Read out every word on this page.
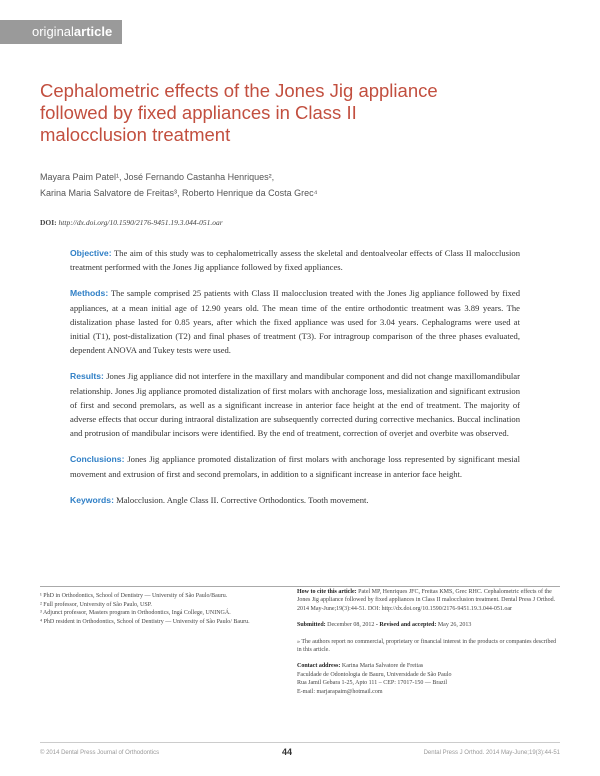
originalarticle
Cephalometric effects of the Jones Jig appliance followed by fixed appliances in Class II malocclusion treatment
Mayara Paim Patel¹, José Fernando Castanha Henriques²,
Karina Maria Salvatore de Freitas³, Roberto Henrique da Costa Grec⁴
DOI: http://dx.doi.org/10.1590/2176-9451.19.3.044-051.oar

Objective: The aim of this study was to cephalometrically assess the skeletal and dentoalveolar effects of Class II malocclusion treatment performed with the Jones Jig appliance followed by fixed appliances.

Methods: The sample comprised 25 patients with Class II malocclusion treated with the Jones Jig appliance followed by fixed appliances, at a mean initial age of 12.90 years old. The mean time of the entire orthodontic treatment was 3.89 years. The distalization phase lasted for 0.85 years, after which the fixed appliance was used for 3.04 years. Cephalograms were used at initial (T1), post-distalization (T2) and final phases of treatment (T3). For intragroup comparison of the three phases evaluated, dependent ANOVA and Tukey tests were used.

Results: Jones Jig appliance did not interfere in the maxillary and mandibular component and did not change maxillomandibular relationship. Jones Jig appliance promoted distalization of first molars with anchorage loss, mesialization and significant extrusion of first and second premolars, as well as a significant increase in anterior face height at the end of treatment. The majority of adverse effects that occur during intraoral distalization are subsequently corrected during corrective mechanics. Buccal inclination and protrusion of mandibular incisors were identified. By the end of treatment, correction of overjet and overbite was observed.

Conclusions: Jones Jig appliance promoted distalization of first molars with anchorage loss represented by significant mesial movement and extrusion of first and second premolars, in addition to a significant increase in anterior face height.

Keywords: Malocclusion. Angle Class II. Corrective Orthodontics. Tooth movement.

¹ PhD in Orthodontics, School of Dentistry — University of São Paulo/Bauru.
² Full professor, University of São Paulo, USP.
³ Adjunct professor, Masters program in Orthodontics, Ingá College, UNINGÁ.
⁴ PhD resident in Orthodontics, School of Dentistry — University of São Paulo/ Bauru.
How to cite this article: Patel MP, Henriques JFC, Freitas KMS, Grec RHC. Cephalometric effects of the Jones Jig appliance followed by fixed appliances in Class II malocclusion treatment. Dental Press J Orthod. 2014 May-June;19(3):44-51. DOI: http://dx.doi.org/10.1590/2176-9451.19.3.044-051.oar
Submitted: December 08, 2012 - Revised and accepted: May 26, 2013
» The authors report no commercial, proprietary or financial interest in the products or companies described in this article.
Contact address: Karina Maria Salvatore de Freitas
Faculdade de Odontologia de Bauru, Universidade de São Paulo
Rua Jamil Gebara 1-25, Apto 111 – CEP: 17017-150 — Brazil
E-mail: marjarapaim@hotmail.com
© 2014 Dental Press Journal of Orthodontics	44	Dental Press J Orthod. 2014 May-June;19(3):44-51
